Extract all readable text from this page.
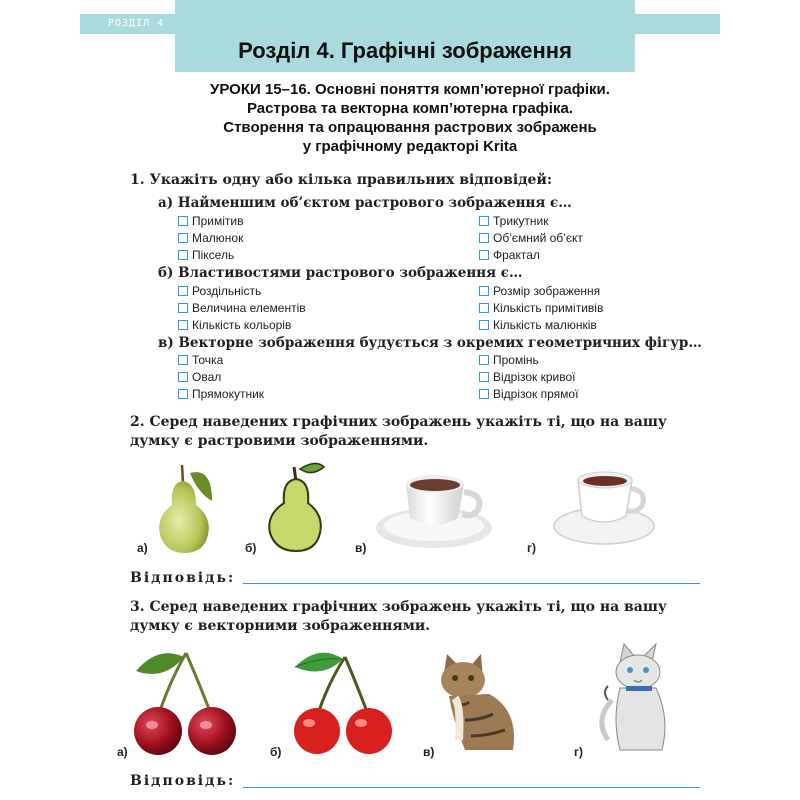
РОЗДІЛ 4
Розділ 4. Графічні зображення
УРОКИ 15–16. Основні поняття комп’ютерної графіки.
Растрова та векторна комп’ютерна графіка.
Створення та опрацювання растрових зображень
у графічному редакторі Krita
1. Укажіть одну або кілька правильних відповідей:
а) Найменшим об’єктом растрового зображення є…
Примітив
Малюнок
Піксель
Трикутник
Об’ємний об’єкт
Фрактал
б) Властивостями растрового зображення є…
Роздільність
Величина елементів
Кількість кольорів
Розмір зображення
Кількість примітивів
Кількість малюнків
в) Векторне зображення будується з окремих геометричних фігур…
Точка
Овал
Прямокутник
Промінь
Відрізок кривої
Відрізок прямої
2. Серед наведених графічних зображень укажіть ті, що на вашу думку є растровими зображеннями.
а)	б)	в)	г)
Відповідь:
3. Серед наведених графічних зображень укажіть ті, що на вашу думку є векторними зображеннями.
а)	б)	в)	г)
Відповідь:
